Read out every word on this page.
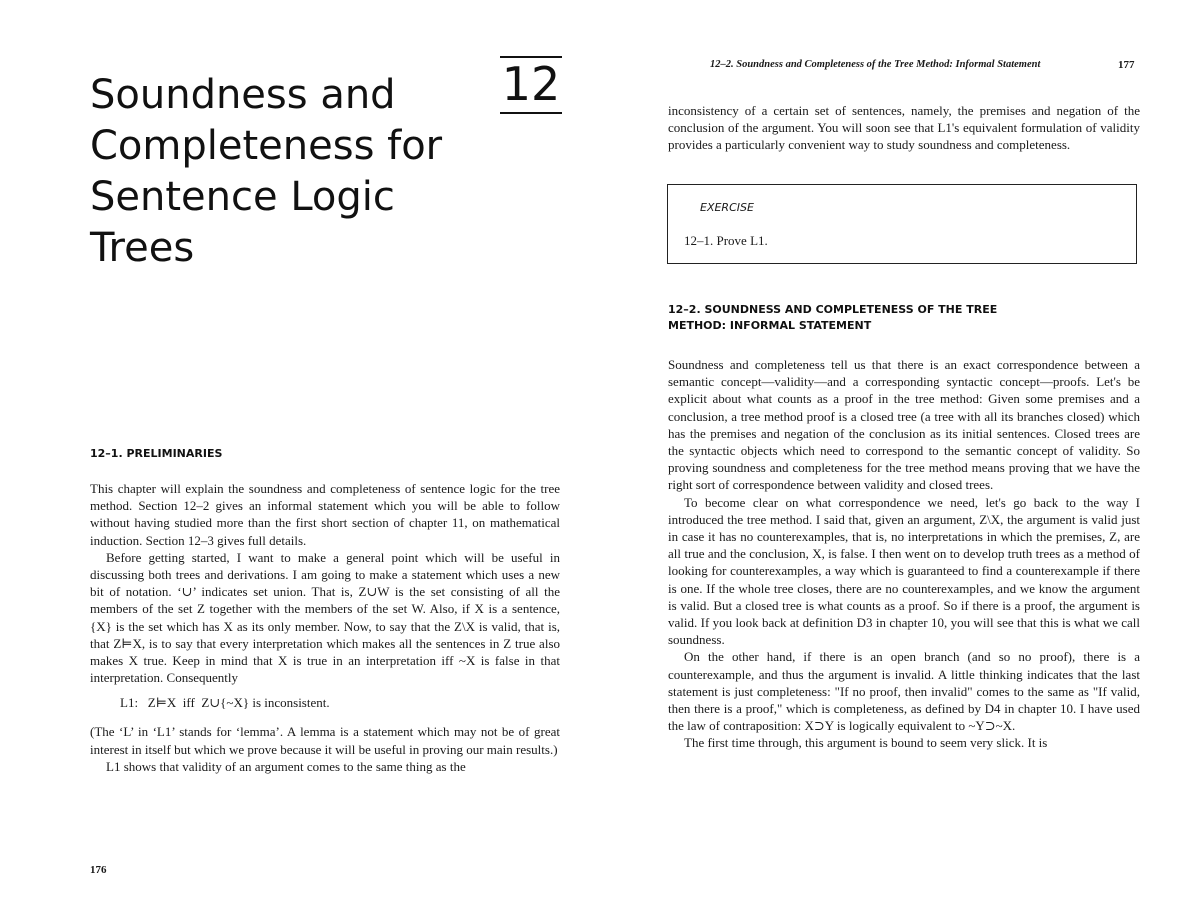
Soundness and
Completeness for
Sentence Logic Trees
12

12–1. PRELIMINARIES

This chapter will explain the soundness and completeness of sentence logic for the tree method. Section 12–2 gives an informal statement which you will be able to follow without having studied more than the first short section of chapter 11, on mathematical induction. Section 12–3 gives full details.

Before getting started, I want to make a general point which will be useful in discussing both trees and derivations. I am going to make a statement which uses a new bit of notation. ‘∪’ indicates set union. That is, Z∪W is the set consisting of all the members of the set Z together with the members of the set W. Also, if X is a sentence, {X} is the set which has X as its only member. Now, to say that the Z\X is valid, that is, that Z⊨X, is to say that every interpretation which makes all the sentences in Z true also makes X true. Keep in mind that X is true in an interpretation iff ~X is false in that interpretation. Consequently

L1:   Z⊨X  iff  Z∪{~X} is inconsistent.

(The ‘L’ in ‘L1’ stands for ‘lemma’. A lemma is a statement which may not be of great interest in itself but which we prove because it will be useful in proving our main results.)

L1 shows that validity of an argument comes to the same thing as the

176
12–2. Soundness and Completeness of the Tree Method: Informal Statement	177

inconsistency of a certain set of sentences, namely, the premises and negation of the conclusion of the argument. You will soon see that L1's equivalent formulation of validity provides a particularly convenient way to study soundness and completeness.

EXERCISE
12–1. Prove L1.
12–2. SOUNDNESS AND COMPLETENESS OF THE TREE
METHOD: INFORMAL STATEMENT

Soundness and completeness tell us that there is an exact correspondence between a semantic concept—validity—and a corresponding syntactic concept—proofs. Let's be explicit about what counts as a proof in the tree method: Given some premises and a conclusion, a tree method proof is a closed tree (a tree with all its branches closed) which has the premises and negation of the conclusion as its initial sentences. Closed trees are the syntactic objects which need to correspond to the semantic concept of validity. So proving soundness and completeness for the tree method means proving that we have the right sort of correspondence between validity and closed trees.

To become clear on what correspondence we need, let's go back to the way I introduced the tree method. I said that, given an argument, Z\X, the argument is valid just in case it has no counterexamples, that is, no interpretations in which the premises, Z, are all true and the conclusion, X, is false. I then went on to develop truth trees as a method of looking for counterexamples, a way which is guaranteed to find a counterexample if there is one. If the whole tree closes, there are no counterexamples, and we know the argument is valid. But a closed tree is what counts as a proof. So if there is a proof, the argument is valid. If you look back at definition D3 in chapter 10, you will see that this is what we call soundness.

On the other hand, if there is an open branch (and so no proof), there is a counterexample, and thus the argument is invalid. A little thinking indicates that the last statement is just completeness: "If no proof, then invalid" comes to the same as "If valid, then there is a proof," which is completeness, as defined by D4 in chapter 10. I have used the law of contraposition: X⊃Y is logically equivalent to ~Y⊃~X.

The first time through, this argument is bound to seem very slick. It is
